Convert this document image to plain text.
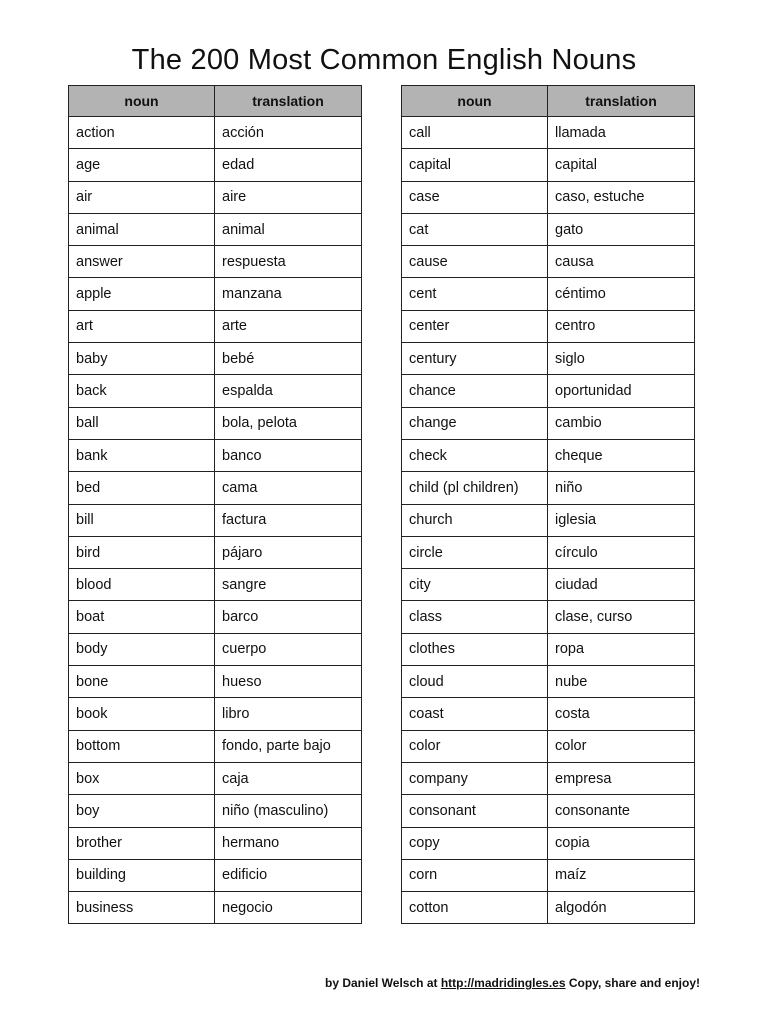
The 200 Most Common English Nouns
noun	translation
action	acción
age	edad
air	aire
animal	animal
answer	respuesta
apple	manzana
art	arte
baby	bebé
back	espalda
ball	bola, pelota
bank	banco
bed	cama
bill	factura
bird	pájaro
blood	sangre
boat	barco
body	cuerpo
bone	hueso
book	libro
bottom	fondo, parte bajo
box	caja
boy	niño (masculino)
brother	hermano
building	edificio
business	negocio
noun	translation
call	llamada
capital	capital
case	caso, estuche
cat	gato
cause	causa
cent	céntimo
center	centro
century	siglo
chance	oportunidad
change	cambio
check	cheque
child (pl children)	niño
church	iglesia
circle	círculo
city	ciudad
class	clase, curso
clothes	ropa
cloud	nube
coast	costa
color	color
company	empresa
consonant	consonante
copy	copia
corn	maíz
cotton	algodón
by Daniel Welsch at http://madridingles.es Copy, share and enjoy!
